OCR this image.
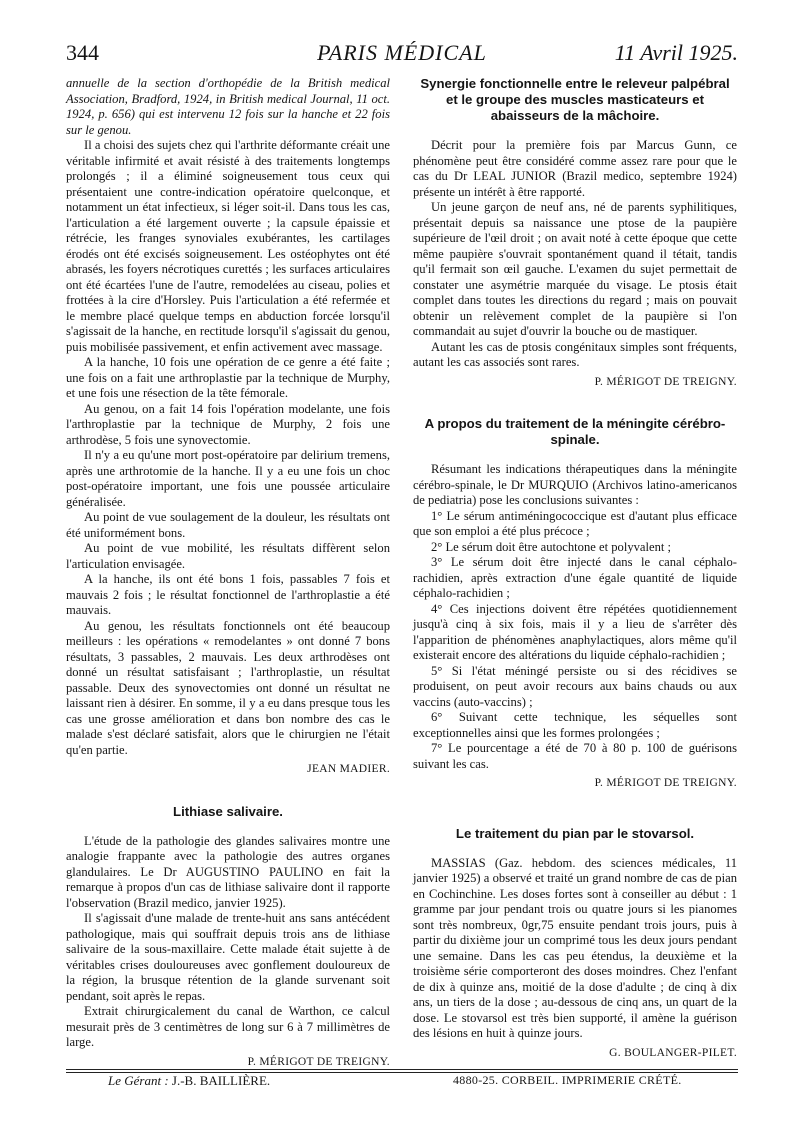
344	PARIS MÉDICAL	11 Avril 1925.

annuelle de la section d'orthopédie de la British medical Association, Bradford, 1924, in British medical Journal, 11 oct. 1924, p. 656) qui est intervenu 12 fois sur la hanche et 22 fois sur le genou.

Il a choisi des sujets chez qui l'arthrite déformante créait une véritable infirmité et avait résisté à des traitements longtemps prolongés ; il a éliminé soigneusement tous ceux qui présentaient une contre-indication opératoire quelconque, et notamment un état infectieux, si léger soit-il. Dans tous les cas, l'articulation a été largement ouverte ; la capsule épaissie et rétrécie, les franges synoviales exubérantes, les cartilages érodés ont été excisés soigneusement. Les ostéophytes ont été abrasés, les foyers nécrotiques curettés ; les surfaces articulaires ont été écartées l'une de l'autre, remodelées au ciseau, polies et frottées à la cire d'Horsley. Puis l'articulation a été refermée et le membre placé quelque temps en abduction forcée lorsqu'il s'agissait de la hanche, en rectitude lorsqu'il s'agissait du genou, puis mobilisée passivement, et enfin activement avec massage.

A la hanche, 10 fois une opération de ce genre a été faite ; une fois on a fait une arthroplastie par la technique de Murphy, et une fois une résection de la tête fémorale.

Au genou, on a fait 14 fois l'opération modelante, une fois l'arthroplastie par la technique de Murphy, 2 fois une arthrodèse, 5 fois une synovectomie.

Il n'y a eu qu'une mort post-opératoire par delirium tremens, après une arthrotomie de la hanche. Il y a eu une fois un choc post-opératoire important, une fois une poussée articulaire généralisée.

Au point de vue soulagement de la douleur, les résultats ont été uniformément bons.

Au point de vue mobilité, les résultats diffèrent selon l'articulation envisagée.

A la hanche, ils ont été bons 1 fois, passables 7 fois et mauvais 2 fois ; le résultat fonctionnel de l'arthroplastie a été mauvais.

Au genou, les résultats fonctionnels ont été beaucoup meilleurs : les opérations « remodelantes » ont donné 7 bons résultats, 3 passables, 2 mauvais. Les deux arthrodèses ont donné un résultat satisfaisant ; l'arthroplastie, un résultat passable. Deux des synovectomies ont donné un résultat ne laissant rien à désirer. En somme, il y a eu dans presque tous les cas une grosse amélioration et dans bon nombre des cas le malade s'est déclaré satisfait, alors que le chirurgien ne l'était qu'en partie.

JEAN MADIER.
Lithiase salivaire.

L'étude de la pathologie des glandes salivaires montre une analogie frappante avec la pathologie des autres organes glandulaires. Le Dr AUGUSTINO PAULINO en fait la remarque à propos d'un cas de lithiase salivaire dont il rapporte l'observation (Brazil medico, janvier 1925).

Il s'agissait d'une malade de trente-huit ans sans antécédent pathologique, mais qui souffrait depuis trois ans de lithiase salivaire de la sous-maxillaire. Cette malade était sujette à de véritables crises douloureuses avec gonflement douloureux de la région, la brusque rétention de la glande survenant soit pendant, soit après le repas.

Extrait chirurgicalement du canal de Warthon, ce calcul mesurait près de 3 centimètres de long sur 6 à 7 millimètres de large.

P. MÉRIGOT DE TREIGNY.
Synergie fonctionnelle entre le releveur palpébral et le groupe des muscles masticateurs et abaisseurs de la mâchoire.

Décrit pour la première fois par Marcus Gunn, ce phénomène peut être considéré comme assez rare pour que le cas du Dr LEAL JUNIOR (Brazil medico, septembre 1924) présente un intérêt à être rapporté.

Un jeune garçon de neuf ans, né de parents syphilitiques, présentait depuis sa naissance une ptose de la paupière supérieure de l'œil droit ; on avait noté à cette époque que cette même paupière s'ouvrait spontanément quand il tétait, tandis qu'il fermait son œil gauche. L'examen du sujet permettait de constater une asymétrie marquée du visage. Le ptosis était complet dans toutes les directions du regard ; mais on pouvait obtenir un relèvement complet de la paupière si l'on commandait au sujet d'ouvrir la bouche ou de mastiquer.

Autant les cas de ptosis congénitaux simples sont fréquents, autant les cas associés sont rares.

P. MÉRIGOT DE TREIGNY.
A propos du traitement de la méningite cérébro-spinale.

Résumant les indications thérapeutiques dans la méningite cérébro-spinale, le Dr MURQUIO (Archivos latino-americanos de pediatria) pose les conclusions suivantes :

1° Le sérum antiméningococcique est d'autant plus efficace que son emploi a été plus précoce ;

2° Le sérum doit être autochtone et polyvalent ;

3° Le sérum doit être injecté dans le canal céphalo-rachidien, après extraction d'une égale quantité de liquide céphalo-rachidien ;

4° Ces injections doivent être répétées quotidiennement jusqu'à cinq à six fois, mais il y a lieu de s'arrêter dès l'apparition de phénomènes anaphylactiques, alors même qu'il existerait encore des altérations du liquide céphalo-rachidien ;

5° Si l'état méningé persiste ou si des récidives se produisent, on peut avoir recours aux bains chauds ou aux vaccins (auto-vaccins) ;

6° Suivant cette technique, les séquelles sont exceptionnelles ainsi que les formes prolongées ;

7° Le pourcentage a été de 70 à 80 p. 100 de guérisons suivant les cas.

P. MÉRIGOT DE TREIGNY.
Le traitement du pian par le stovarsol.

MASSIAS (Gaz. hebdom. des sciences médicales, 11 janvier 1925) a observé et traité un grand nombre de cas de pian en Cochinchine. Les doses fortes sont à conseiller au début : 1 gramme par jour pendant trois ou quatre jours si les pianomes sont très nombreux, 0gr,75 ensuite pendant trois jours, puis à partir du dixième jour un comprimé tous les deux jours pendant une semaine. Dans les cas peu étendus, la deuxième et la troisième série comporteront des doses moindres. Chez l'enfant de dix à quinze ans, moitié de la dose d'adulte ; de cinq à dix ans, un tiers de la dose ; au-dessous de cinq ans, un quart de la dose. Le stovarsol est très bien supporté, il amène la guérison des lésions en huit à quinze jours.

G. BOULANGER-PILET.
Le Gérant : J.-B. BAILLIÈRE.	4880-25. CORBEIL. IMPRIMERIE CRÉTÉ.
